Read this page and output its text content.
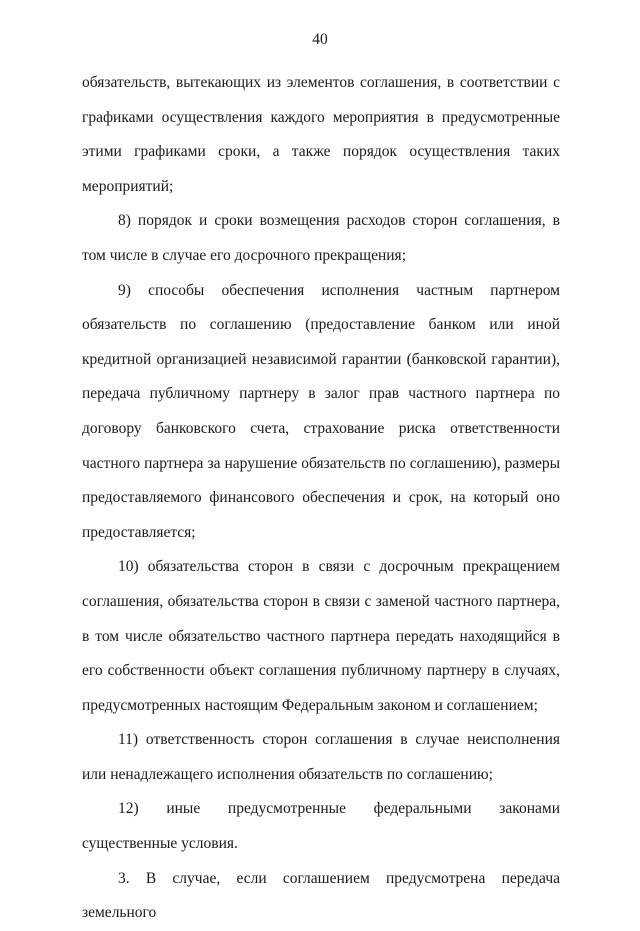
40

обязательств, вытекающих из элементов соглашения, в соответствии с графиками осуществления каждого мероприятия в предусмотренные этими графиками сроки, а также порядок осуществления таких мероприятий;

8) порядок и сроки возмещения расходов сторон соглашения, в том числе в случае его досрочного прекращения;

9) способы обеспечения исполнения частным партнером обязательств по соглашению (предоставление банком или иной кредитной организацией независимой гарантии (банковской гарантии), передача публичному партнеру в залог прав частного партнера по договору банковского счета, страхование риска ответственности частного партнера за нарушение обязательств по соглашению), размеры предоставляемого финансового обеспечения и срок, на который оно предоставляется;

10) обязательства сторон в связи с досрочным прекращением соглашения, обязательства сторон в связи с заменой частного партнера, в том числе обязательство частного партнера передать находящийся в его собственности объект соглашения публичному партнеру в случаях, предусмотренных настоящим Федеральным законом и соглашением;

11) ответственность сторон соглашения в случае неисполнения или ненадлежащего исполнения обязательств по соглашению;

12) иные предусмотренные федеральными законами существенные условия.

3. В случае, если соглашением предусмотрена передача земельного
